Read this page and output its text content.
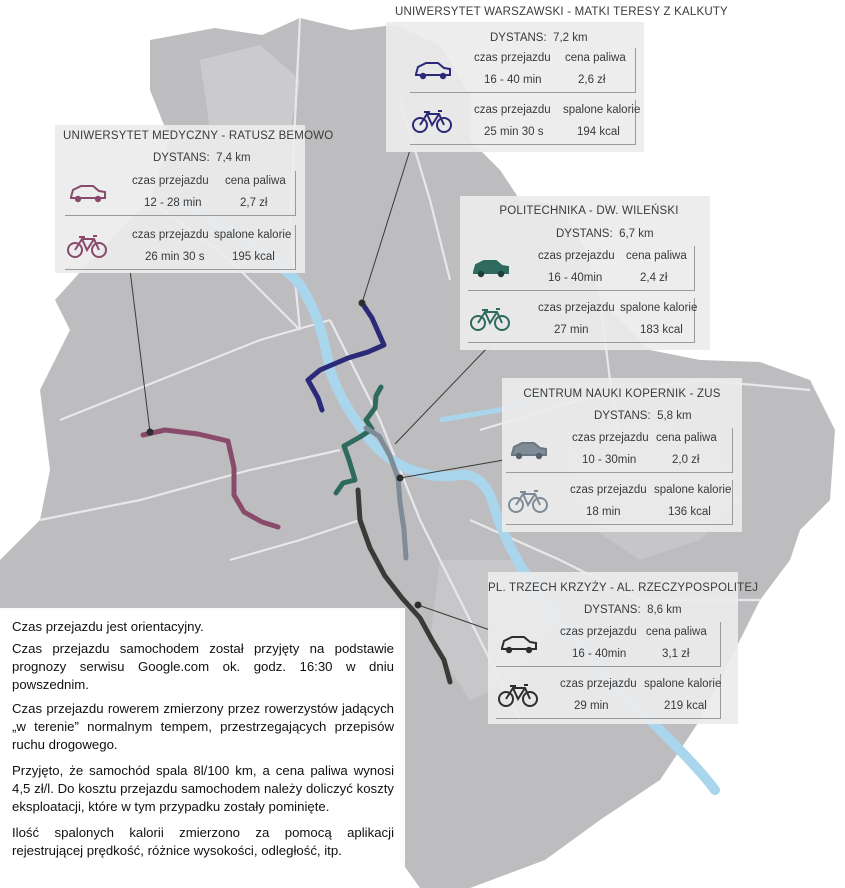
DYSTANS: 7,2 km
czas przejazdu cena paliwa
16 - 40 min	2,6 zł
czas przejazdu spalone kalorie
25 min 30 s	194 kcal
UNIWERSYTET WARSZAWSKI - MATKI TERESY Z KALKUTY
UNIWERSYTET MEDYCZNY - RATUSZ BEMOWO
DYSTANS: 7,4 km
czas przejazdu cena paliwa
12 - 28 min	2,7 zł
czas przejazdu spalone kalorie
26 min 30 s 195 kcal
POLITECHNIKA - DW. WILEŃSKI
DYSTANS: 6,7 km
czas przejazdu cena paliwa
16 - 40min	2,4 zł
czas przejazdu spalone kalorie
27 min	183 kcal
CENTRUM NAUKI KOPERNIK - ZUS
DYSTANS: 5,8 km
czas przejazdu cena paliwa
10 - 30min	2,0 zł
czas przejazdu spalone kalorie
18 min	136 kcal
PL. TRZECH KRZYŻY - AL. RZECZYPOSPOLITEJ
DYSTANS: 8,6 km
czas przejazdu cena paliwa
16 - 40min	3,1 zł
czas przejazdu spalone kalorie
29 min	219 kcal

Czas przejazdu jest orientacyjny.

Czas przejazdu samochodem został przyjęty na podstawie prognozy serwisu Google.com ok. godz. 16:30 w dniu powszednim.

Czas przejazdu rowerem zmierzony przez rowerzystów jadących „w terenie” normalnym tempem, przestrzegających przepisów ruchu drogowego.

Przyjęto, że samochód spala 8l/100 km, a cena paliwa wynosi 4,5 zł/l. Do kosztu przejazdu samochodem należy doliczyć koszty eksploatacji, które w tym przypadku zostały pominięte.

Ilość spalonych kalorii zmierzono za pomocą aplikacji rejestrującej prędkość, różnice wysokości, odległość, itp.
